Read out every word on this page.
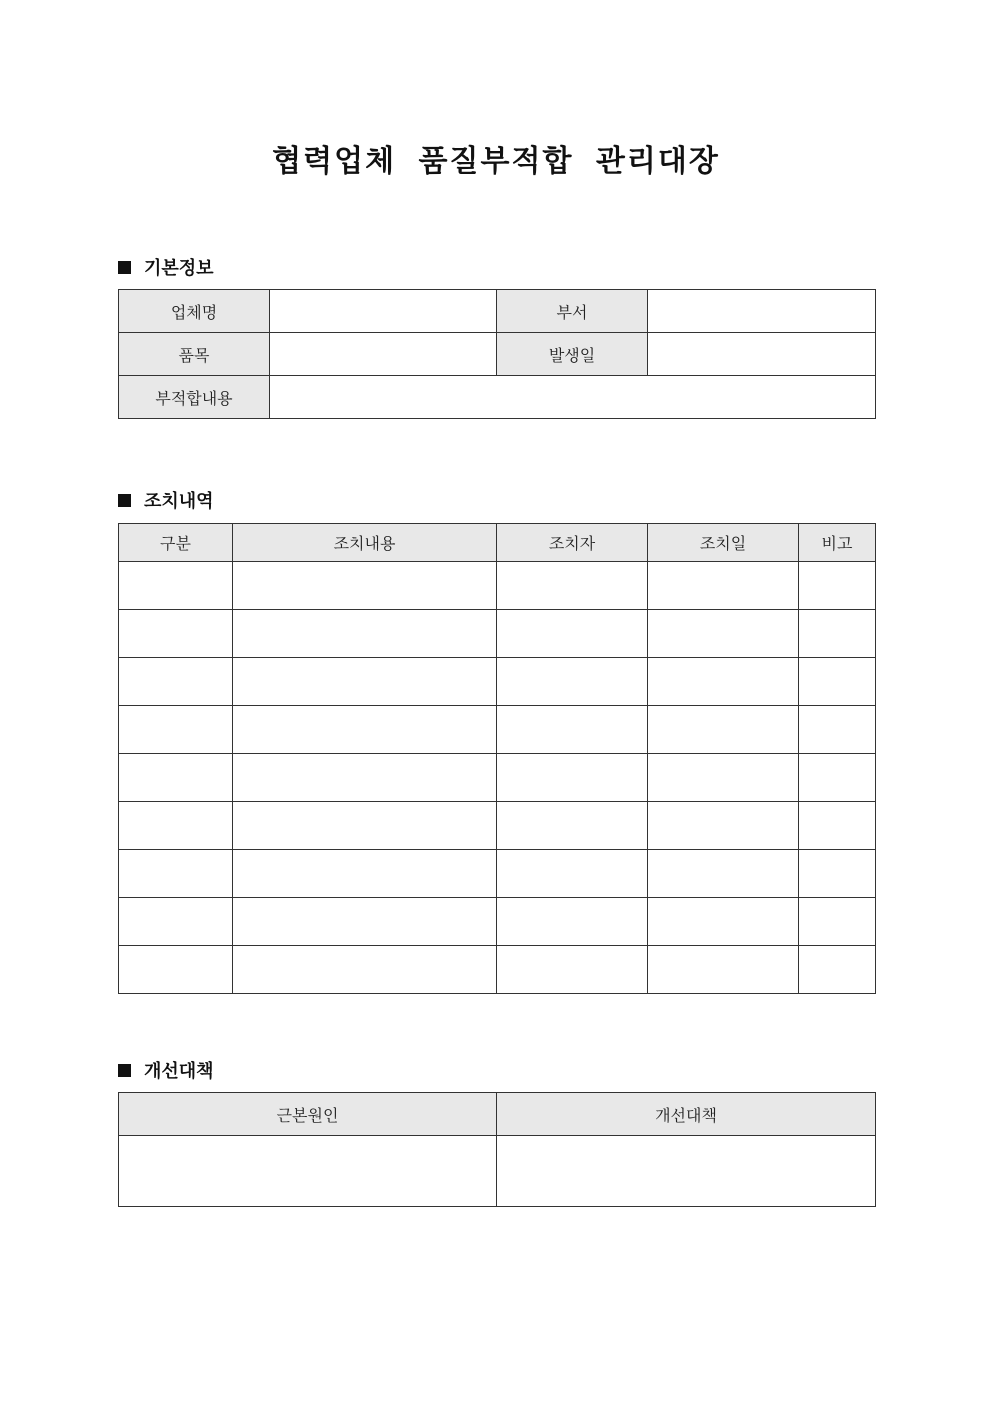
협력업체 품질부적합 관리대장
기본정보
업체명		부서	
품목		발생일	
부적합내용			
조치내역
구분	조치내용	조치자	조치일	비고

개선대책
근본원인	개선대책
